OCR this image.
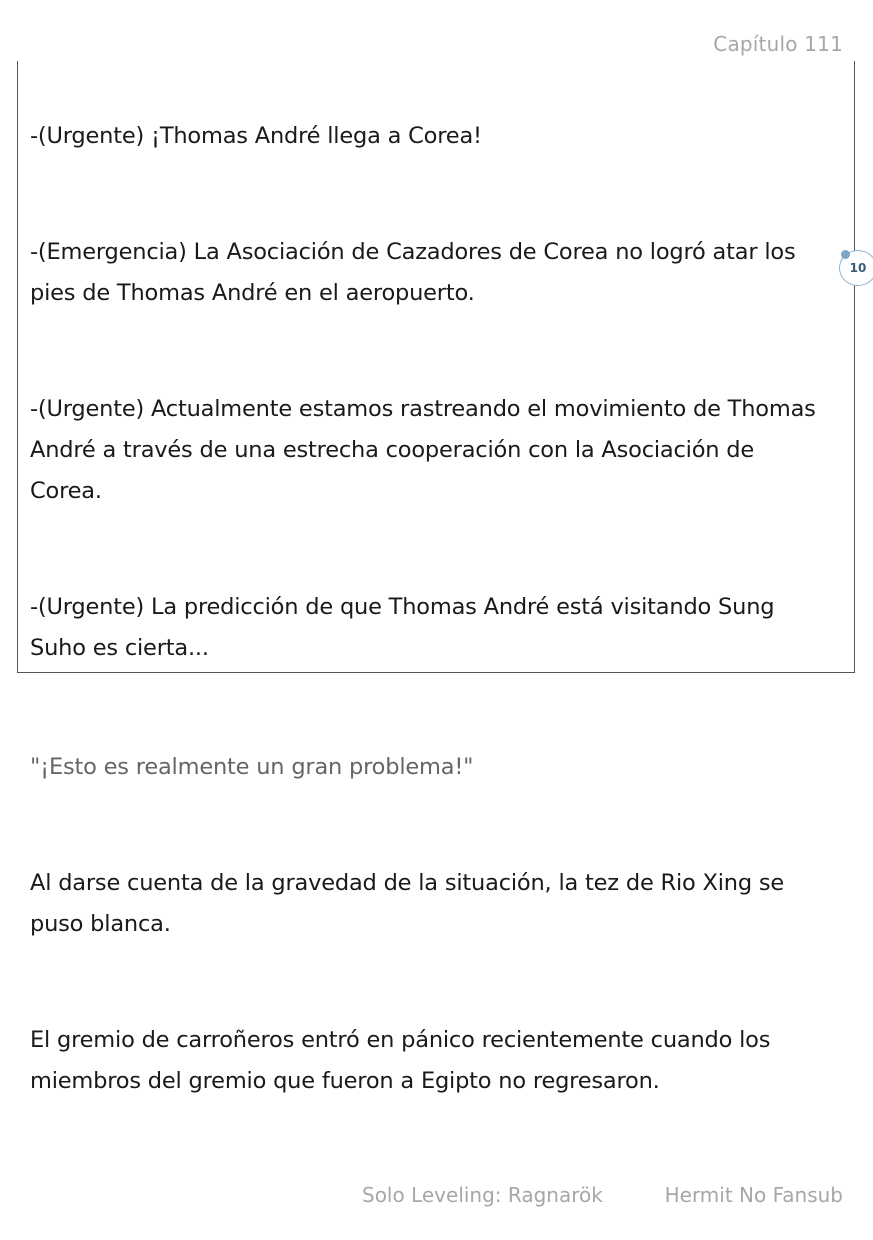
Capítulo 111

-(Urgente) ¡Thomas André llega a Corea!

-(Emergencia) La Asociación de Cazadores de Corea no logró atar los pies de Thomas André en el aeropuerto.

-(Urgente) Actualmente estamos rastreando el movimiento de Thomas André a través de una estrecha cooperación con la Asociación de Corea.

-(Urgente) La predicción de que Thomas André está visitando Sung Suho es cierta...

"¡Esto es realmente un gran problema!"

Al darse cuenta de la gravedad de la situación, la tez de Rio Xing se puso blanca.

El gremio de carroñeros entró en pánico recientemente cuando los miembros del gremio que fueron a Egipto no regresaron.

10
Solo Leveling: Ragnarök	Hermit No Fansub
